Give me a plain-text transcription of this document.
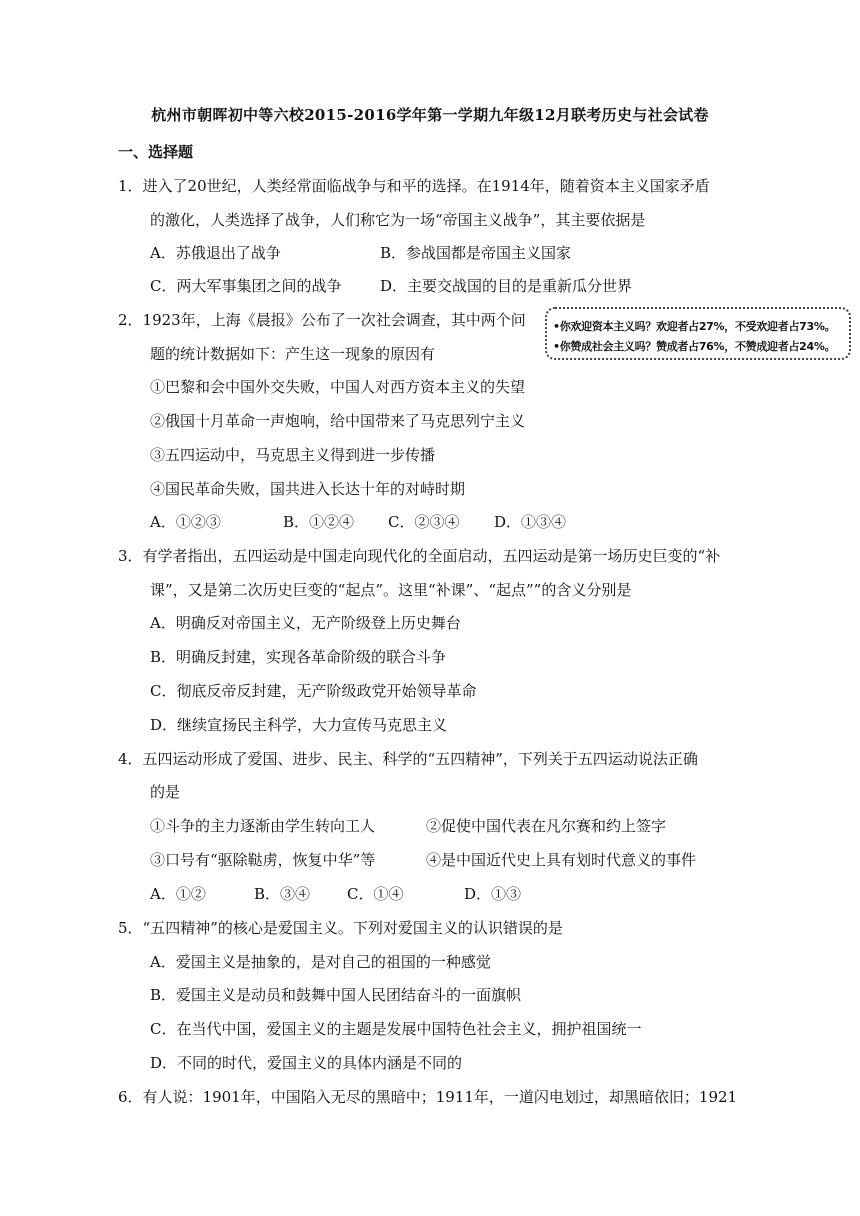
杭州市朝晖初中等六校2015-2016学年第一学期九年级12月联考历史与社会试卷
一、选择题
1．进入了20世纪，人类经常面临战争与和平的选择。在1914年，随着资本主义国家矛盾
的激化，人类选择了战争，人们称它为一场“帝国主义战争”，其主要依据是
A．苏俄退出了战争	B．参战国都是帝国主义国家
C．两大军事集团之间的战争	D．主要交战国的目的是重新瓜分世界
2．1923年，上海《晨报》公布了一次社会调查，其中两个问
题的统计数据如下：产生这一现象的原因有
•你欢迎资本主义吗？欢迎者占27%，不受欢迎者占73%。
•你赞成社会主义吗？赞成者占76%，不赞成迎者占24%。
①巴黎和会中国外交失败，中国人对西方资本主义的失望
②俄国十月革命一声炮响，给中国带来了马克思列宁主义
③五四运动中，马克思主义得到进一步传播
④国民革命失败，国共进入长达十年的对峙时期
A．①②③	B．①②④ C．②③④ D．①③④
3．有学者指出，五四运动是中国走向现代化的全面启动，五四运动是第一场历史巨变的“补
课”，又是第二次历史巨变的“起点”。这里“补课”、“起点””的含义分别是
A．明确反对帝国主义，无产阶级登上历史舞台
B．明确反封建，实现各革命阶级的联合斗争
C．彻底反帝反封建，无产阶级政党开始领导革命
D．继续宣扬民主科学，大力宣传马克思主义
4．五四运动形成了爱国、进步、民主、科学的“五四精神”，下列关于五四运动说法正确
的是
①斗争的主力逐渐由学生转向工人	②促使中国代表在凡尔赛和约上签字
③口号有“驱除鞑虏，恢复中华”等	④是中国近代史上具有划时代意义的事件
A．①②	B．③④ C．①④	D．①③
5．“五四精神”的核心是爱国主义。下列对爱国主义的认识错误的是
A．爱国主义是抽象的，是对自己的祖国的一种感觉
B．爱国主义是动员和鼓舞中国人民团结奋斗的一面旗帜
C．在当代中国，爱国主义的主题是发展中国特色社会主义，拥护祖国统一
D．不同的时代，爱国主义的具体内涵是不同的
6．有人说：1901年，中国陷入无尽的黑暗中；1911年，一道闪电划过，却黑暗依旧；1921
